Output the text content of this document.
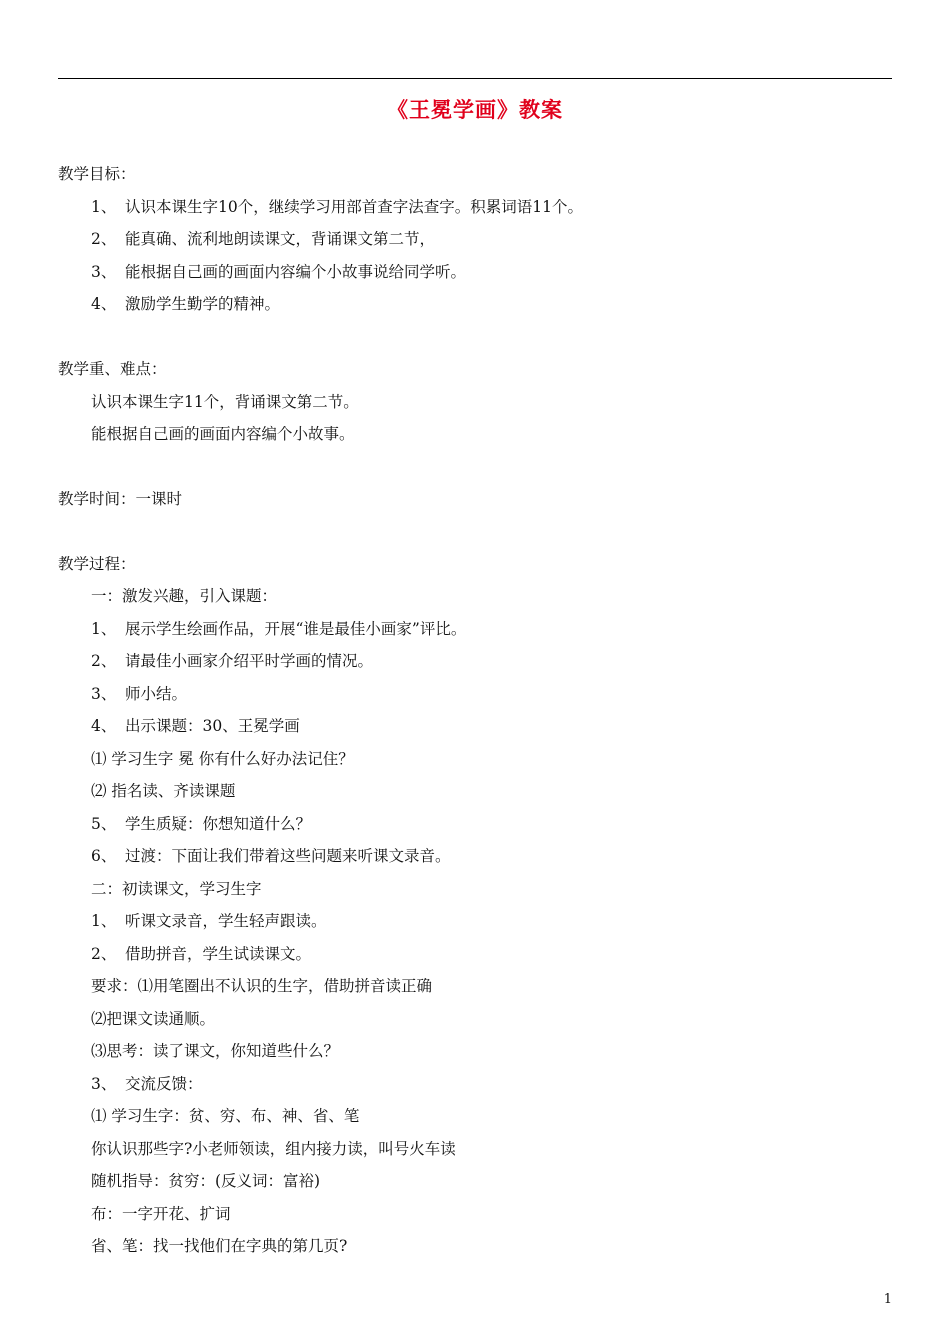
《王冕学画》教案
教学目标：
1、 认识本课生字10个，继续学习用部首查字法查字。积累词语11个。
2、 能真确、流利地朗读课文，背诵课文第二节，
3、 能根据自己画的画面内容编个小故事说给同学听。
4、 激励学生勤学的精神。
教学重、难点：
认识本课生字11个，背诵课文第二节。
能根据自己画的画面内容编个小故事。
教学时间：一课时
教学过程：
一：激发兴趣，引入课题：
1、 展示学生绘画作品，开展“谁是最佳小画家”评比。
2、 请最佳小画家介绍平时学画的情况。
3、 师小结。
4、 出示课题：30、王冕学画
⑴ 学习生字 冕 你有什么好办法记住？
⑵ 指名读、齐读课题
5、 学生质疑：你想知道什么？
6、 过渡：下面让我们带着这些问题来听课文录音。
二：初读课文，学习生字
1、 听课文录音，学生轻声跟读。
2、 借助拼音，学生试读课文。
要求：⑴用笔圈出不认识的生字，借助拼音读正确
⑵把课文读通顺。
⑶思考：读了课文，你知道些什么？
3、 交流反馈：
⑴ 学习生字：贫、穷、布、神、省、笔
你认识那些字?小老师领读，组内接力读，叫号火车读
随机指导：贫穷：(反义词：富裕)
布：一字开花、扩词
省、笔：找一找他们在字典的第几页?
1
